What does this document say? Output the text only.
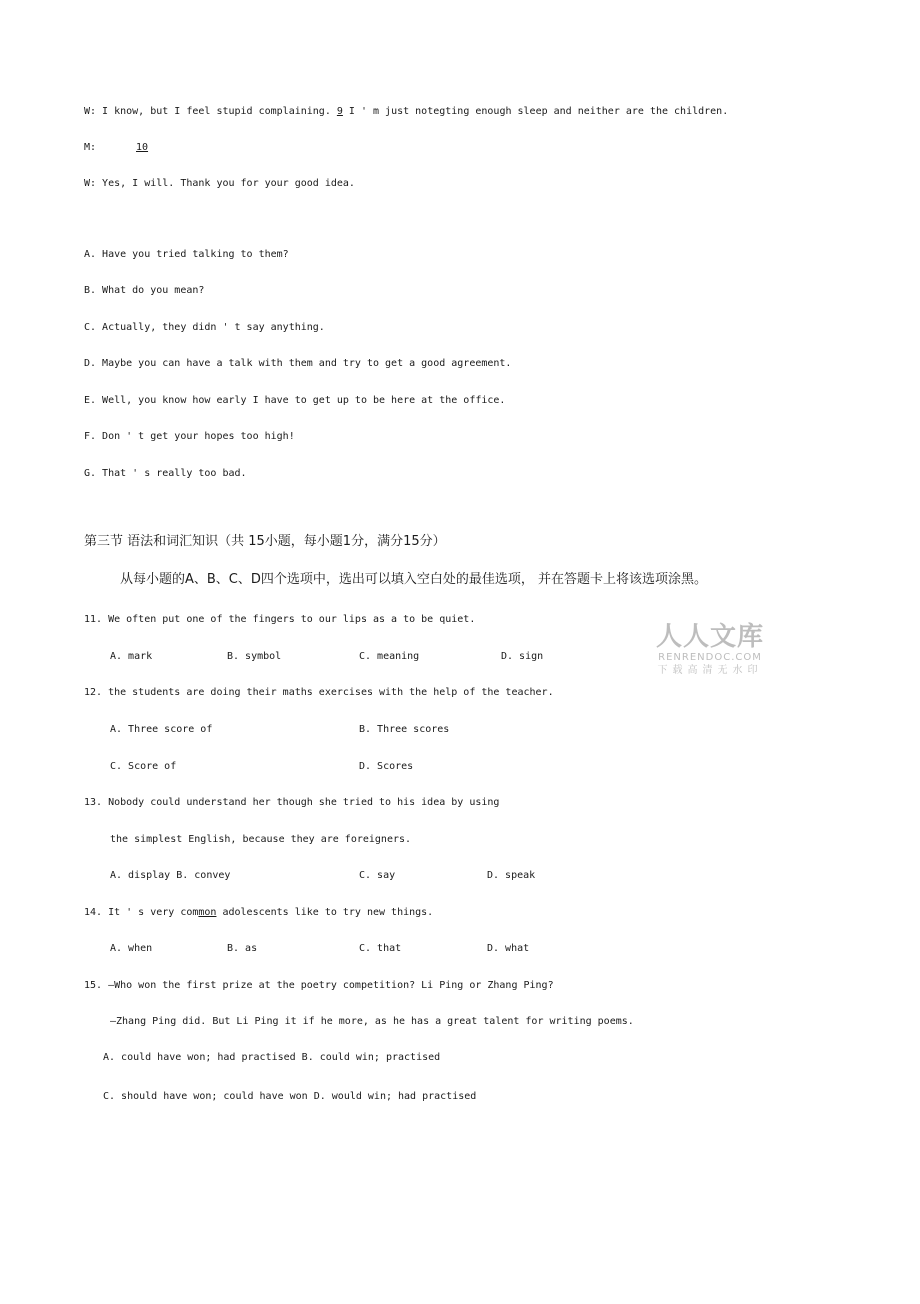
W: I know, but I feel stupid complaining. 9 I ' m just notegting enough sleep and neither are the children.
M:	10
W: Yes, I will. Thank you for your good idea.
A. Have you tried talking to them?
B. What do you mean?
C. Actually, they didn ' t say anything.
D. Maybe you can have a talk with them and try to get a good agreement.
E. Well, you know how early I have to get up to be here at the office.
F. Don ' t get your hopes too high!
G. That ' s really too bad.
第三节 语法和词汇知识（共 15小题，每小题1分，满分15分）
从每小题的A、B、C、D四个选项中，选出可以填入空白处的最佳选项， 并在答题卡上将该选项涂黑。
11. We often put one of the fingers to our lips as a to be quiet.
A. mark	B. symbol	C. meaning	D. sign
12. the students are doing their maths exercises with the help of the teacher.
A. Three score of	B. Three scores
C. Score of	D. Scores
13. Nobody could understand her though she tried to his idea by using
the simplest English, because they are foreigners.
A. display B. convey	C. say	D. speak
14. It ' s very common adolescents like to try new things.
A. when	B. as	C. that	D. what
15. —Who won the first prize at the poetry competition? Li Ping or Zhang Ping?
—Zhang Ping did. But Li Ping it if he more, as he has a great talent for writing poems.
A. could have won; had practised B. could win; practised
C. should have won; could have won D. would win; had practised
人人文库
RENRENDOC.COM
下载高清无水印
